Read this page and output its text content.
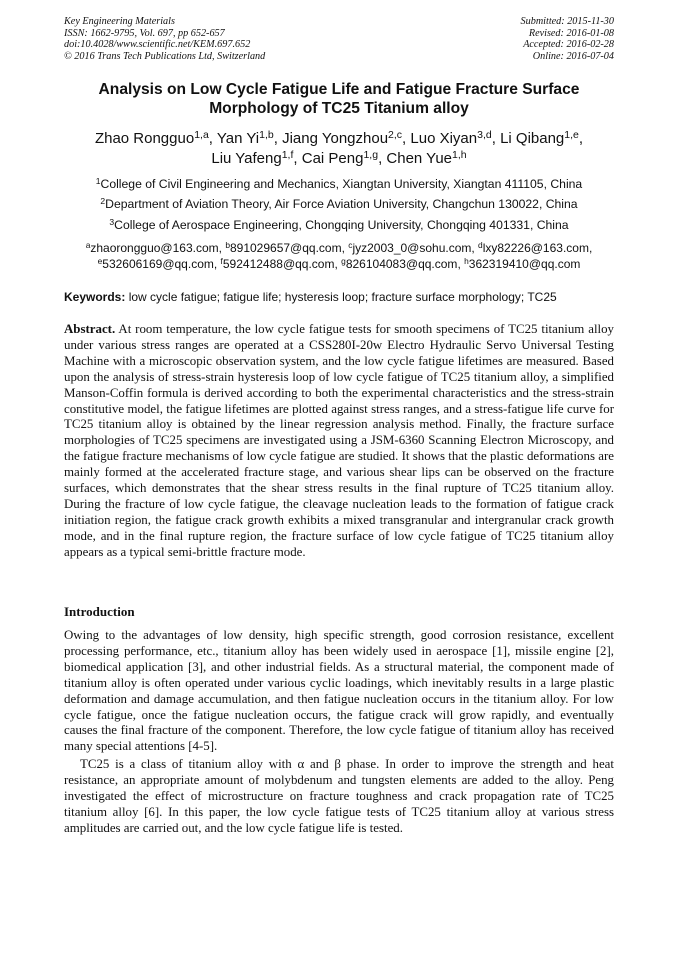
Key Engineering Materials
ISSN: 1662-9795, Vol. 697, pp 652-657
doi:10.4028/www.scientific.net/KEM.697.652
© 2016 Trans Tech Publications Ltd, Switzerland
Submitted: 2015-11-30
Revised: 2016-01-08
Accepted: 2016-02-28
Online: 2016-07-04
Analysis on Low Cycle Fatigue Life and Fatigue Fracture Surface
Morphology of TC25 Titanium alloy
Zhao Rongguo$^{1,a}$, Yan Yi$^{1,b}$, Jiang Yongzhou$^{2,c}$, Luo Xiyan$^{3,d}$, Li Qibang$^{1,e}$,
Liu Yafeng$^{1,f}$, Cai Peng$^{1,g}$, Chen Yue$^{1,h}$
$^1$College of Civil Engineering and Mechanics, Xiangtan University, Xiangtan 411105, China
$^2$Department of Aviation Theory, Air Force Aviation University, Changchun 130022, China
$^3$College of Aerospace Engineering, Chongqing University, Chongqing 401331, China
$^a$zhaorongguo@163.com, $^b$891029657@qq.com, $^c$jyz2003_0@sohu.com, $^d$lxy82226@163.com,
$^e$532606169@qq.com, $^f$592412488@qq.com, $^g$826104083@qq.com, $^h$362319410@qq.com
Keywords: low cycle fatigue; fatigue life; hysteresis loop; fracture surface morphology; TC25
Abstract. At room temperature, the low cycle fatigue tests for smooth specimens of TC25 titanium alloy under various stress ranges are operated at a CSS280I-20w Electro Hydraulic Servo Universal Testing Machine with a microscopic observation system, and the low cycle fatigue lifetimes are measured. Based upon the analysis of stress-strain hysteresis loop of low cycle fatigue of TC25 titanium alloy, a simplified Manson-Coffin formula is derived according to both the experimental characteristics and the stress-strain constitutive model, the fatigue lifetimes are plotted against stress ranges, and a stress-fatigue life curve for TC25 titanium alloy is obtained by the linear regression analysis method. Finally, the fracture surface morphologies of TC25 specimens are investigated using a JSM-6360 Scanning Electron Microscopy, and the fatigue fracture mechanisms of low cycle fatigue are studied. It shows that the plastic deformations are mainly formed at the accelerated fracture stage, and various shear lips can be observed on the fracture surfaces, which demonstrates that the shear stress results in the final rupture of TC25 titanium alloy. During the fracture of low cycle fatigue, the cleavage nucleation leads to the formation of fatigue crack initiation region, the fatigue crack growth exhibits a mixed transgranular and intergranular crack growth mode, and in the final rupture region, the fracture surface of low cycle fatigue of TC25 titanium alloy appears as a typical semi-brittle fracture mode.
Introduction
Owing to the advantages of low density, high specific strength, good corrosion resistance, excellent processing performance, etc., titanium alloy has been widely used in aerospace [1], missile engine [2], biomedical application [3], and other industrial fields. As a structural material, the component made of titanium alloy is often operated under various cyclic loadings, which inevitably results in a large plastic deformation and damage accumulation, and then fatigue nucleation occurs in the titanium alloy. For low cycle fatigue, once the fatigue nucleation occurs, the fatigue crack will grow rapidly, and eventually causes the final fracture of the component. Therefore, the low cycle fatigue of titanium alloy has received many special attentions [4-5].
TC25 is a class of titanium alloy with α and β phase. In order to improve the strength and heat resistance, an appropriate amount of molybdenum and tungsten elements are added to the alloy. Peng investigated the effect of microstructure on fracture toughness and crack propagation rate of TC25 titanium alloy [6]. In this paper, the low cycle fatigue tests of TC25 titanium alloy at various stress amplitudes are carried out, and the low cycle fatigue life is tested.
